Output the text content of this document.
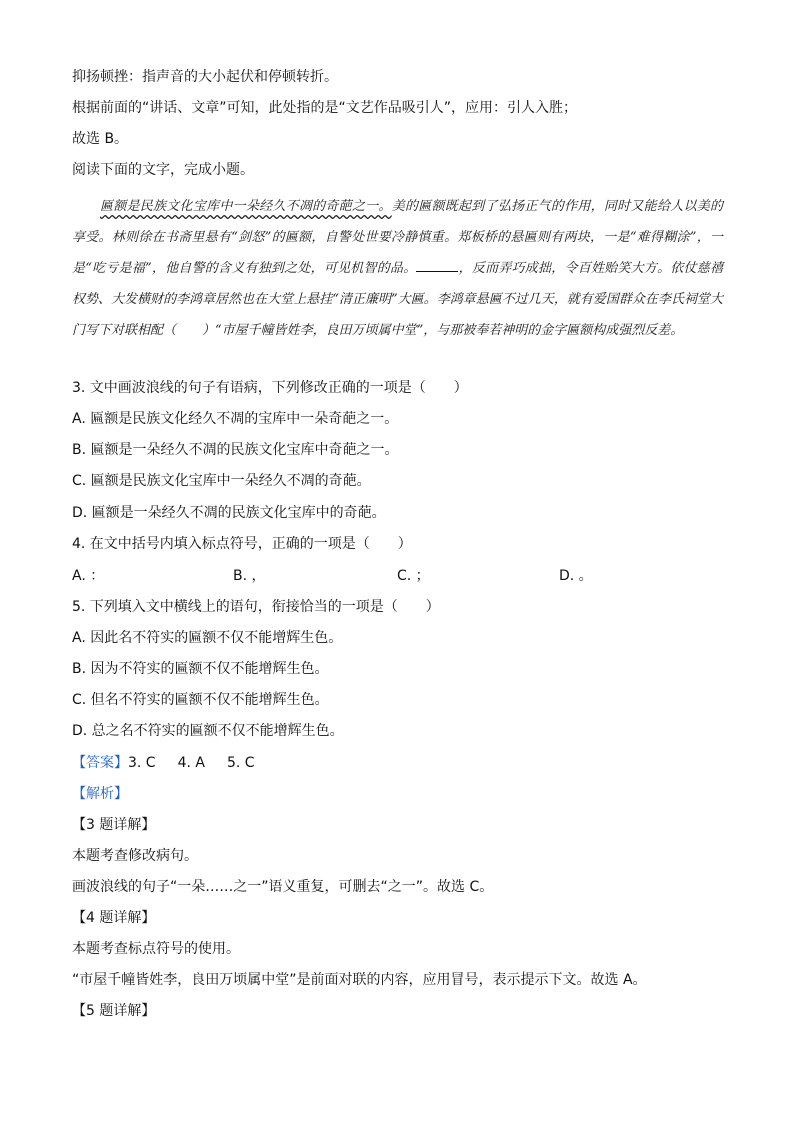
抑扬顿挫：指声音的大小起伏和停顿转折。
根据前面的“讲话、文章”可知，此处指的是“文艺作品吸引人”，应用：引人入胜；
故选 B。
阅读下面的文字，完成小题。

匾额是民族文化宝库中一朵经久不凋的奇葩之一。美的匾额既起到了弘扬正气的作用，同时又能给人以美的享受。林则徐在书斋里悬有“剑怒”的匾额，自警处世要冷静慎重。郑板桥的悬匾则有两块，一是“难得糊涂”，一是“吃亏是福”，他自警的含义有独到之处，可见机智的品。	，反而弄巧成拙，令百姓贻笑大方。依仗慈禧权势、大发横财的李鸿章居然也在大堂上悬挂“清正廉明”大匾。李鸿章悬匾不过几天，就有爱国群众在李氏祠堂大门写下对联相配（　　）“市屋千幢皆姓李，良田万顷属中堂”，与那被奉若神明的金字匾额构成强烈反差。

3. 文中画波浪线的句子有语病，下列修改正确的一项是（　　）
A. 匾额是民族文化经久不凋的宝库中一朵奇葩之一。
B. 匾额是一朵经久不凋的民族文化宝库中奇葩之一。
C. 匾额是民族文化宝库中一朵经久不凋的奇葩。
D. 匾额是一朵经久不凋的民族文化宝库中的奇葩。
4. 在文中括号内填入标点符号，正确的一项是（　　）
A. ：	B. ，	C. ；	D. 。
5. 下列填入文中横线上的语句，衔接恰当的一项是（　　）
A. 因此名不符实的匾额不仅不能增辉生色。
B. 因为不符实的匾额不仅不能增辉生色。
C. 但名不符实的匾额不仅不能增辉生色。
D. 总之名不符实的匾额不仅不能增辉生色。
【答案】3. C 4. A 5. C
【解析】
【3 题详解】
本题考查修改病句。
画波浪线的句子“一朵……之一”语义重复，可删去“之一”。故选 C。
【4 题详解】
本题考查标点符号的使用。
“市屋千幢皆姓李，良田万顷属中堂”是前面对联的内容，应用冒号，表示提示下文。故选 A。
【5 题详解】
